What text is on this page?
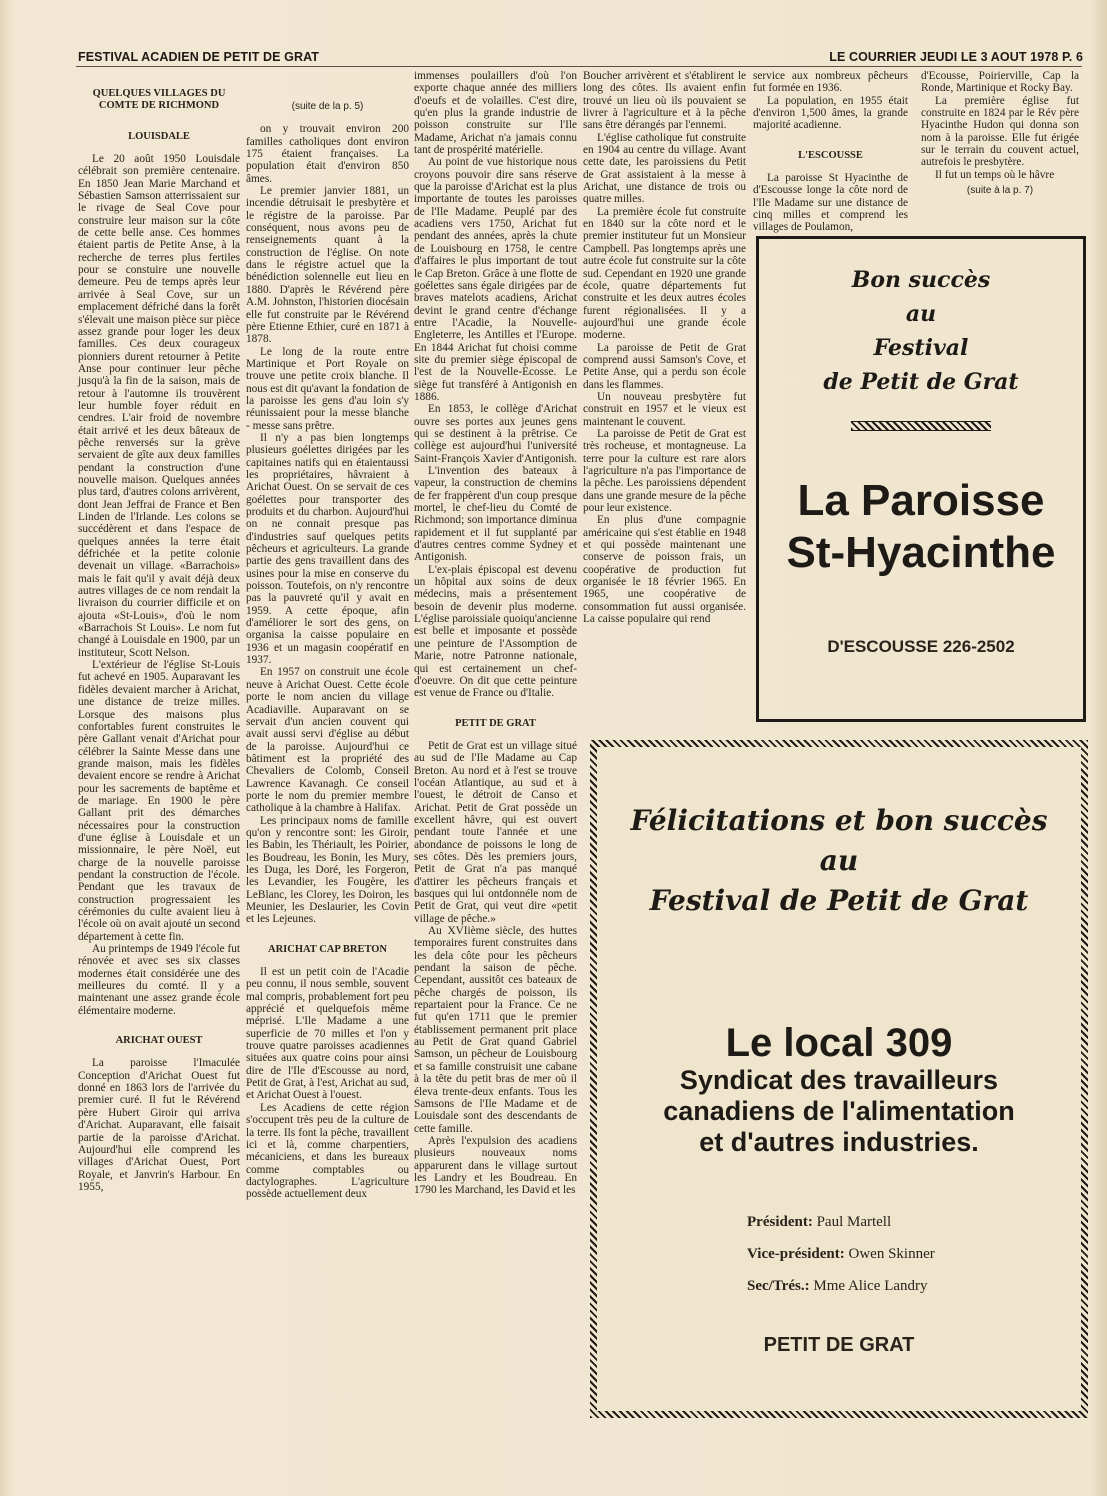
FESTIVAL ACADIEN DE PETIT DE GRAT	LE COURRIER JEUDI LE 3 AOUT 1978 P. 6
QUELQUES VILLAGES DU COMTE DE RICHMOND
LOUISDALE

Le 20 août 1950 Louisdale célébrait son première centenaire. En 1850 Jean Marie Marchand et Sébastien Samson atterrissaient sur le rivage de Seal Cove pour construire leur maison sur la côte de cette belle anse. Ces hommes étaient partis de Petite Anse, à la recherche de terres plus fertiles pour se constuire une nouvelle demeure. Peu de temps après leur arrivée à Seal Cove, sur un emplacement défriché dans la forêt s'élevait une maison pièce sur pièce assez grande pour loger les deux familles. Ces deux courageux pionniers durent retourner à Petite Anse pour continuer leur pêche jusqu'à la fin de la saison, mais de retour à l'automne ils trouvèrent leur humble foyer réduit en cendres. L'air froid de novembre était arrivé et les deux bâteaux de pêche renversés sur la grève servaient de gîte aux deux familles pendant la construction d'une nouvelle maison. Quelques années plus tard, d'autres colons arrivèrent, dont Jean Jeffrai de France et Ben Linden de l'Irlande. Les colons se succédèrent et dans l'espace de quelques années la terre était défrichée et la petite colonie devenait un village. «Barrachois» mais le fait qu'il y avait déjà deux autres villages de ce nom rendait la livraison du courrier difficile et on ajouta «St-Louis», d'où le nom «Barrachois St Louis». Le nom fut changé à Louisdale en 1900, par un instituteur, Scott Nelson.

L'extérieur de l'église St-Louis fut achevé en 1905. Auparavant les fidèles devaient marcher à Arichat, une distance de treize milles. Lorsque des maisons plus confortables furent construites le père Gallant venait d'Arichat pour célébrer la Sainte Messe dans une grande maison, mais les fidèles devaient encore se rendre à Arichat pour les sacrements de baptême et de mariage. En 1900 le père Gallant prit des démarches nécessaires pour la construction d'une église à Louisdale et un missionnaire, le père Noël, eut charge de la nouvelle paroisse pendant la construction de l'école. Pendant que les travaux de construction progressaient les cérémonies du culte avaient lieu à l'école où on avait ajouté un second département à cette fin.

Au printemps de 1949 l'école fut rénovée et avec ses six classes modernes était considérée une des meilleures du comté. Il y a maintenant une assez grande école élémentaire moderne.

ARICHAT OUEST

La paroisse l'Imaculée Conception d'Arichat Ouest fut donné en 1863 lors de l'arrivée du premier curé. Il fut le Révérend père Hubert Giroir qui arriva d'Arichat. Auparavant, elle faisait partie de la paroisse d'Arichat. Aujourd'hui elle comprend les villages d'Arichat Ouest, Port Royale, et Janvrin's Harbour. En 1955,

(suite de la p. 5)

on y trouvait environ 200 familles catholiques dont environ 175 étaient françaises. La population était d'environ 850 âmes.

Le premier janvier 1881, un incendie détruisait le presbytère et le régistre de la paroisse. Par conséquent, nous avons peu de renseignements quant à la construction de l'église. On note dans le régistre actuel que la bénédiction solennelle eut lieu en 1880. D'après le Révérend père A.M. Johnston, l'historien diocésain elle fut construite par le Révérend père Etienne Ethier, curé en 1871 à 1878.

Le long de la route entre Martinique et Port Royale on trouve une petite croix blanche. Il nous est dit qu'avant la fondation de la paroisse les gens d'au loin s'y réunissaient pour la messe blanche - messe sans prêtre.

Il n'y a pas bien longtemps plusieurs goélettes dirigées par les capitaines natifs qui en étaientaussi les propriétaires, hâvraient à Arichat Ouest. On se servait de ces goélettes pour transporter des produits et du charbon. Aujourd'hui on ne connait presque pas d'industries sauf quelques petits pêcheurs et agriculteurs. La grande partie des gens travaillent dans des usines pour la mise en conserve du poisson. Toutefois, on n'y rencontre pas la pauvreté qu'il y avait en 1959. A cette époque, afin d'améliorer le sort des gens, on organisa la caisse populaire en 1936 et un magasin coopératif en 1937.

En 1957 on construit une école neuve à Arichat Ouest. Cette école porte le nom ancien du village Acadiaville. Auparavant on se servait d'un ancien couvent qui avait aussi servi d'église au début de la paroisse. Aujourd'hui ce bâtiment est la propriété des Chevaliers de Colomb, Conseil Lawrence Kavanagh. Ce conseil porte le nom du premier membre catholique à la chambre à Halifax.

Les principaux noms de famille qu'on y rencontre sont: les Giroir, les Babin, les Thériault, les Poirier, les Boudreau, les Bonin, les Mury, les Duga, les Doré, les Forgeron, les Levandier, les Fougère, les LeBlanc, les Clorey, les Doiron, les Meunier, les Deslaurier, les Covin et les Lejeunes.

ARICHAT CAP BRETON

Il est un petit coin de l'Acadie peu connu, il nous semble, souvent mal compris, probablement fort peu apprécié et quelquefois même méprisé. L'Ile Madame a une superficie de 70 milles et l'on y trouve quatre paroisses acadiennes situées aux quatre coins pour ainsi dire de l'Ile d'Escousse au nord, Petit de Grat, à l'est, Arichat au sud, et Arichat Ouest à l'ouest.

Les Acadiens de cette région s'occupent très peu de la culture de la terre. Ils font la pêche, travaillent ici et là, comme charpentiers, mécaniciens, et dans les bureaux comme comptables ou dactylographes. L'agriculture possède actuellement deux

immenses poulaillers d'où l'on exporte chaque année des milliers d'oeufs et de volailles. C'est dire, qu'en plus la grande industrie de poisson construite sur l'Ile Madame, Arichat n'a jamais connu tant de prospérité matérielle.

Au point de vue historique nous croyons pouvoir dire sans réserve que la paroisse d'Arichat est la plus importante de toutes les paroisses de l'Ile Madame. Peuplé par des acadiens vers 1750, Arichat fut pendant des années, après la chute de Louisbourg en 1758, le centre d'affaires le plus important de tout le Cap Breton. Grâce à une flotte de goélettes sans égale dirigées par de braves matelots acadiens, Arichat devint le grand centre d'échange entre l'Acadie, la Nouvelle-Engleterre, les Antilles et l'Europe. En 1844 Arichat fut choisi comme site du premier siège épiscopal de l'est de la Nouvelle-Ecosse. Le siège fut transféré à Antigonish en 1886.

En 1853, le collège d'Arichat ouvre ses portes aux jeunes gens qui se destinent à la prêtrise. Ce collège est aujourd'hui l'université Saint-François Xavier d'Antigonish.

L'invention des bateaux à vapeur, la construction de chemins de fer frappèrent d'un coup presque mortel, le chef-lieu du Comté de Richmond; son importance diminua rapidement et il fut supplanté par d'autres centres comme Sydney et Antigonish.

L'ex-plais épiscopal est devenu un hôpital aux soins de deux médecins, mais a présentement besoin de devenir plus moderne. L'église paroissiale quoiqu'ancienne est belle et imposante et possède une peinture de l'Assomption de Marie, notre Patronne nationale, qui est certainement un chef-d'oeuvre. On dit que cette peinture est venue de France ou d'Italie.

PETIT DE GRAT

Petit de Grat est un village situé au sud de l'Ile Madame au Cap Breton. Au nord et à l'est se trouve l'océan Atlantique, au sud et à l'ouest, le détroit de Canso et Arichat. Petit de Grat possède un excellent hâvre, qui est ouvert pendant toute l'année et une abondance de poissons le long de ses côtes. Dès les premiers jours, Petit de Grat n'a pas manqué d'attirer les pêcheurs français et basques qui lui ontdonnéle nom de Petit de Grat, qui veut dire «petit village de pêche.»

Au XVIième siècle, des huttes temporaires furent construites dans les dela côte pour les pêcheurs pendant la saison de pêche. Cependant, aussitôt ces bateaux de pêche chargés de poisson, ils repartaient pour la France. Ce ne fut qu'en 1711 que le premier établissement permanent prit place au Petit de Grat quand Gabriel Samson, un pêcheur de Louisbourg et sa famille construisit une cabane à la tête du petit bras de mer où il éleva trente-deux enfants. Tous les Samsons de l'Ile Madame et de Louisdale sont des descendants de cette famille.

Après l'expulsion des acadiens plusieurs nouveaux noms apparurent dans le village surtout les Landry et les Boudreau. En 1790 les Marchand, les David et les

Boucher arrivèrent et s'établirent le long des côtes. Ils avaient enfin trouvé un lieu où ils pouvaient se livrer à l'agriculture et à la pêche sans être dérangés par l'ennemi.

L'église catholique fut construite en 1904 au centre du village. Avant cette date, les paroissiens du Petit de Grat assistaient à la messe à Arichat, une distance de trois ou quatre milles.

La première école fut construite en 1840 sur la côte nord et le premier instituteur fut un Monsieur Campbell. Pas longtemps après une autre école fut construite sur la côte sud. Cependant en 1920 une grande école, quatre départements fut construite et les deux autres écoles furent régionalisées. Il y a aujourd'hui une grande école moderne.

La paroisse de Petit de Grat comprend aussi Samson's Cove, et Petite Anse, qui a perdu son école dans les flammes.

Un nouveau presbytère fut construit en 1957 et le vieux est maintenant le couvent.

La paroisse de Petit de Grat est très rocheuse, et montagneuse. La terre pour la culture est rare alors l'agriculture n'a pas l'importance de la pêche. Les paroissiens dépendent dans une grande mesure de la pêche pour leur existence.

En plus d'une compagnie américaine qui s'est établie en 1948 et qui possède maintenant une conserve de poisson frais, un coopérative de production fut organisée le 18 février 1965. En 1965, une coopérative de consommation fut aussi organisée. La caisse populaire qui rend

service aux nombreux pêcheurs fut formée en 1936.

La population, en 1955 était d'environ 1,500 âmes, la grande majorité acadienne.

L'ESCOUSSE

La paroisse St Hyacinthe de d'Escousse longe la côte nord de l'Ile Madame sur une distance de cinq milles et comprend les villages de Poulamon,

d'Ecousse, Poirierville, Cap la Ronde, Martinique et Rocky Bay.

La première église fut construite en 1824 par le Rév père Hyacinthe Hudon qui donna son nom à la paroisse. Elle fut érigée sur le terrain du couvent actuel, autrefois le presbytère.

Il fut un temps où le hâvre

(suite à la p. 7)

Bon succès
au
Festival
de Petit de Grat
La Paroisse
St-Hyacinthe
D'ESCOUSSE 226-2502
Félicitations et bon succès
au
Festival de Petit de Grat
Le local 309
Syndicat des travailleurs
canadiens de l'alimentation
et d'autres industries.
Président: Paul Martell
Vice-président: Owen Skinner
Sec/Trés.: Mme Alice Landry
PETIT DE GRAT
